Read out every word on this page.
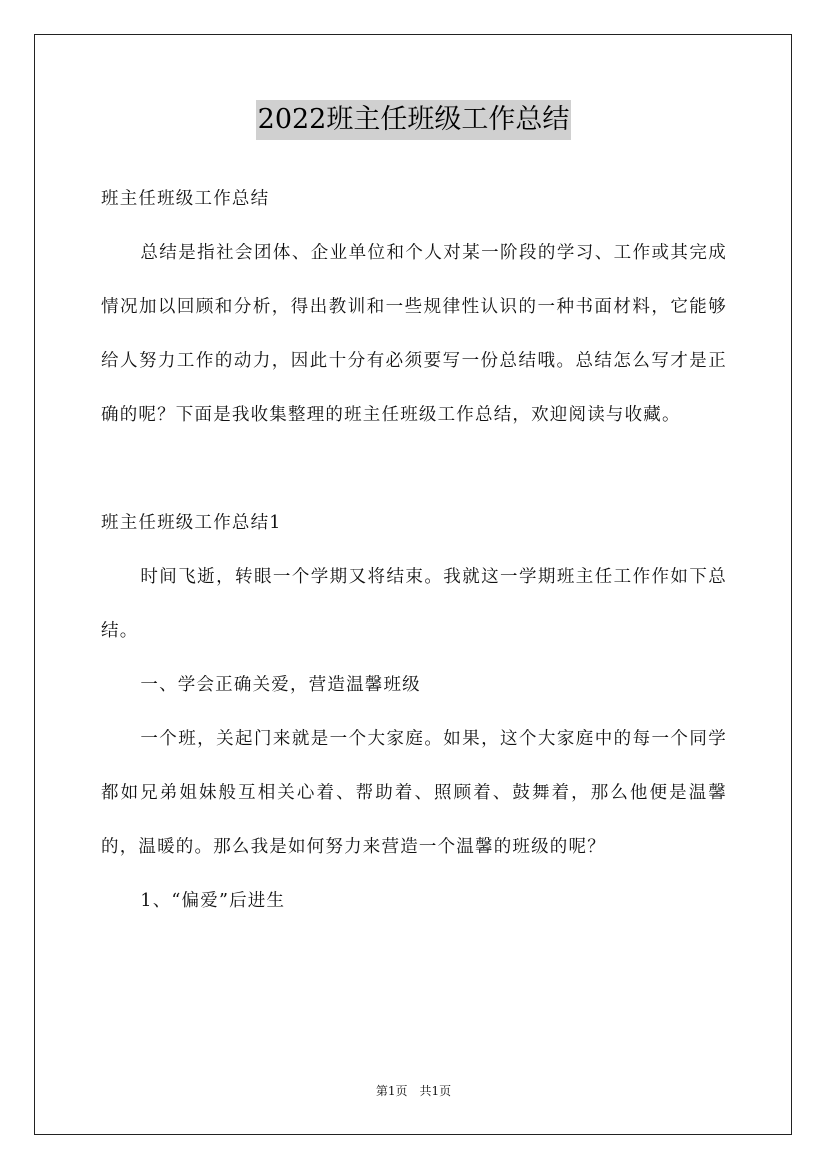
2022班主任班级工作总结

班主任班级工作总结

总结是指社会团体、企业单位和个人对某一阶段的学习、工作或其完成情况加以回顾和分析，得出教训和一些规律性认识的一种书面材料，它能够给人努力工作的动力，因此十分有必须要写一份总结哦。总结怎么写才是正确的呢？下面是我收集整理的班主任班级工作总结，欢迎阅读与收藏。

班主任班级工作总结1

时间飞逝，转眼一个学期又将结束。我就这一学期班主任工作作如下总结。

一、学会正确关爱，营造温馨班级

一个班，关起门来就是一个大家庭。如果，这个大家庭中的每一个同学都如兄弟姐妹般互相关心着、帮助着、照顾着、鼓舞着，那么他便是温馨的，温暖的。那么我是如何努力来营造一个温馨的班级的呢？

1、“偏爱”后进生

第1页 共1页
